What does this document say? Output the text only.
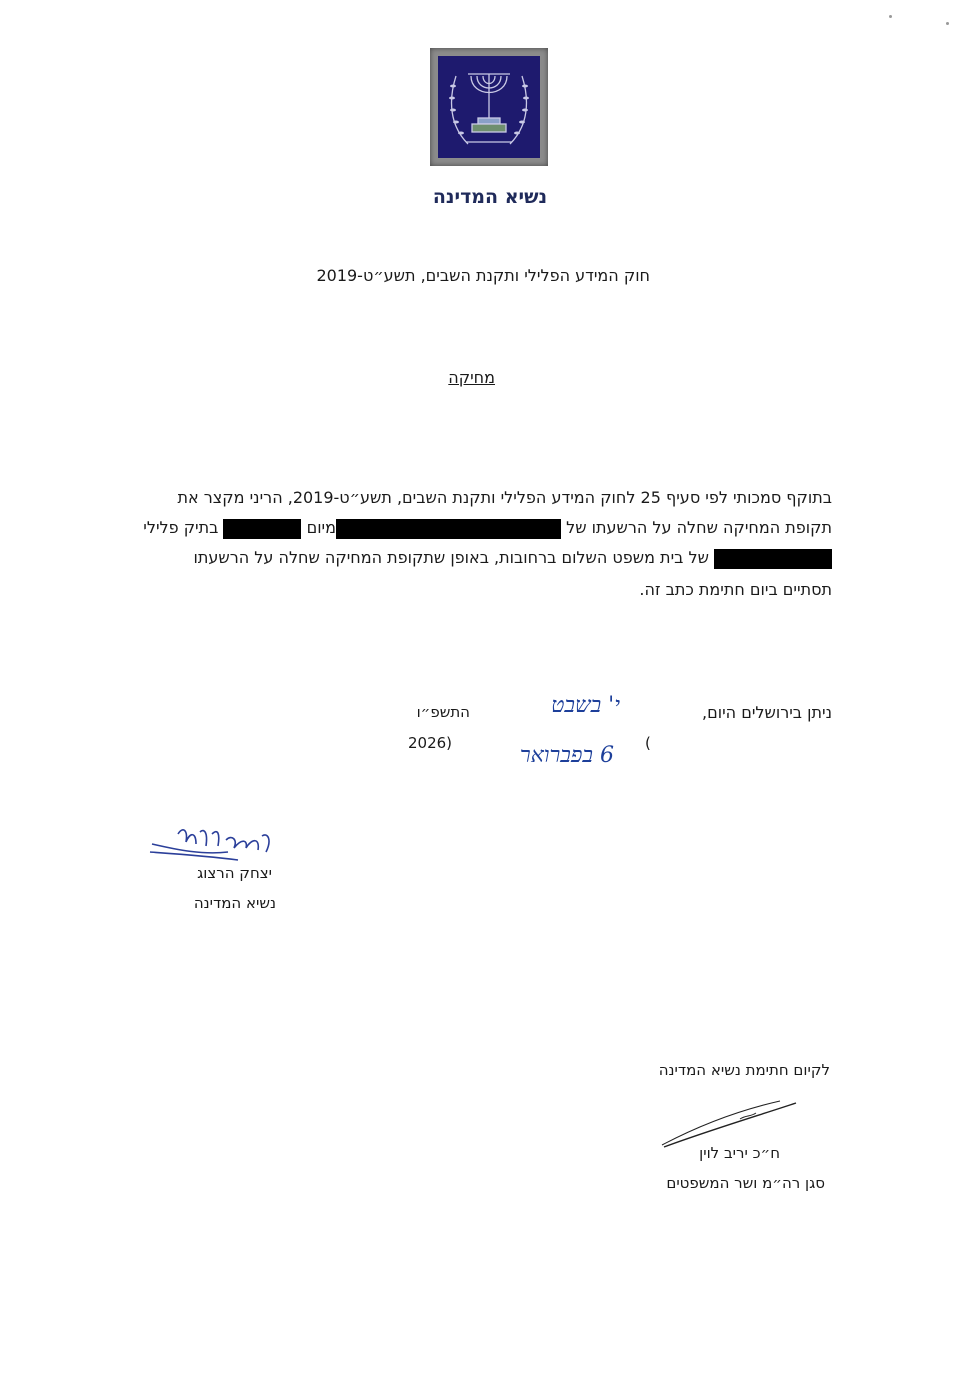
נשיא המדינה
חוק המידע הפלילי ותקנת השבים, תשע״ט-2019
מחיקה
בתוקף סמכותי לפי סעיף 25 לחוק המידע הפלילי ותקנת השבים, תשע״ט-2019, הריני מקצר את
תקופת המחיקה שחלה על הרשעתו של מיום  בתיק פלילי
של בית משפט השלום ברחובות, באופן שתקופת המחיקה שחלה על הרשעתו
תסתיים ביום חתימת כתב זה.
ניתן בירושלים היום,
י' בשבט
התשפ״ו
(
6 בפברואר
2026)
יצחק הרצוג
נשיא המדינה
לקיום חתימת נשיא המדינה
ח״כ יריב לוין
סגן רה״מ ושר המשפטים
